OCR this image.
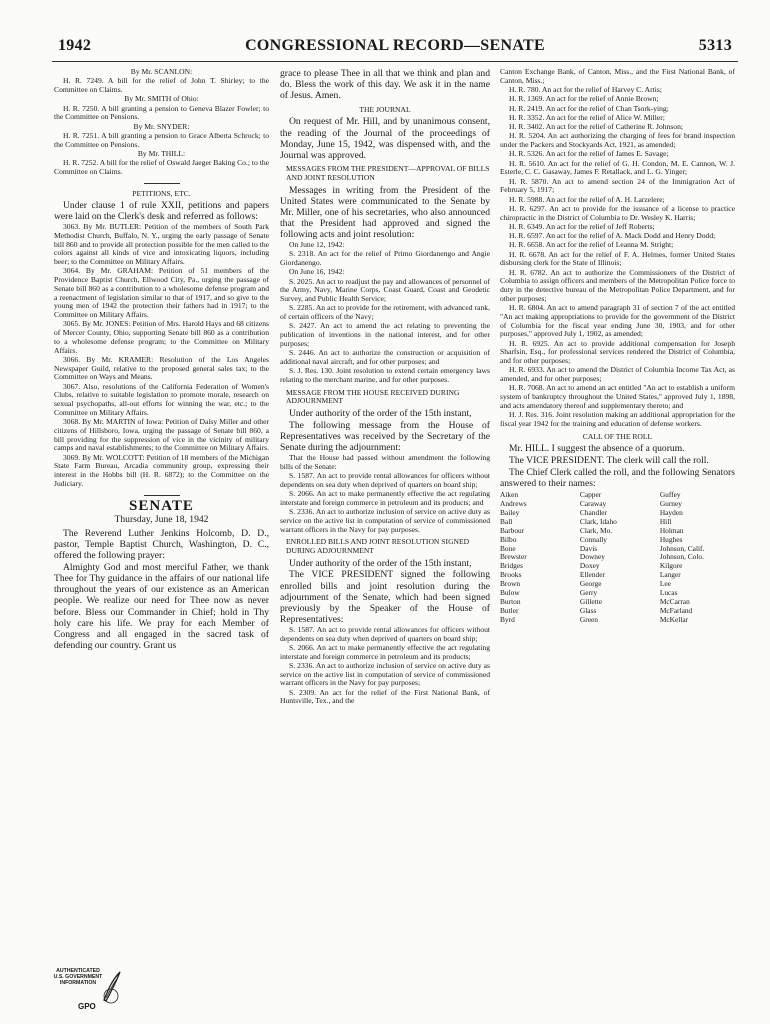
1942	CONGRESSIONAL RECORD—SENATE	5313

By Mr. SCANLON:

H. R. 7249. A bill for the relief of John T. Shirley; to the Committee on Claims.

By Mr. SMITH of Ohio:

H. R. 7250. A bill granting a pension to Geneva Blazer Fowler; to the Committee on Pensions.

By Mr. SNYDER:

H. R. 7251. A bill granting a pension to Grace Alberta Schrock; to the Committee on Pensions.

By Mr. THILL:

H. R. 7252. A bill for the relief of Oswald Jaeger Baking Co.; to the Committee on Claims.

PETITIONS, ETC.

Under clause 1 of rule XXII, petitions and papers were laid on the Clerk's desk and referred as follows:

3063. By Mr. BUTLER: Petition of the members of South Park Methodist Church, Buffalo, N. Y., urging the early passage of Senate bill 860 and to provide all protection possible for the men called to the colors against all kinds of vice and intoxicating liquors, including beer; to the Committee on Military Affairs.

3064. By Mr. GRAHAM: Petition of 51 members of the Providence Baptist Church, Ellwood City, Pa., urging the passage of Senate bill 860 as a contribution to a wholesome defense program and a reenactment of legislation similar to that of 1917, and so give to the young men of 1942 the protection their fathers had in 1917; to the Committee on Military Affairs.

3065. By Mr. JONES: Petition of Mrs. Harold Hays and 68 citizens of Mercer County, Ohio, supporting Senate bill 860 as a contribution to a wholesome defense program; to the Committee on Military Affairs.

3066. By Mr. KRAMER: Resolution of the Los Angeles Newspaper Guild, relative to the proposed general sales tax; to the Committee on Ways and Means.

3067. Also, resolutions of the California Federation of Women's Clubs, relative to suitable legislation to promote morale, research on sexual psychopaths, all-out efforts for winning the war, etc.; to the Committee on Military Affairs.

3068. By Mr. MARTIN of Iowa: Petition of Daisy Miller and other citizens of Hillsboro, Iowa, urging the passage of Senate bill 860, a bill providing for the suppression of vice in the vicinity of military camps and naval establishments; to the Committee on Military Affairs.

3069. By Mr. WOLCOTT: Petition of 18 members of the Michigan State Farm Bureau, Arcadia community group, expressing their interest in the Hobbs bill (H. R. 6872); to the Committee on the Judiciary.

SENATE

Thursday, June 18, 1942

The Reverend Luther Jenkins Holcomb, D. D., pastor, Temple Baptist Church, Washington, D. C., offered the following prayer:

Almighty God and most merciful Father, we thank Thee for Thy guidance in the affairs of our national life throughout the years of our existence as an American people. We realize our need for Thee now as never before. Bless our Commander in Chief; hold in Thy holy care his life. We pray for each Member of Congress and all engaged in the sacred task of defending our country. Grant us

grace to please Thee in all that we think and plan and do. Bless the work of this day. We ask it in the name of Jesus. Amen.

THE JOURNAL

On request of Mr. Hill, and by unanimous consent, the reading of the Journal of the proceedings of Monday, June 15, 1942, was dispensed with, and the Journal was approved.

MESSAGES FROM THE PRESIDENT—APPROVAL OF BILLS AND JOINT RESOLUTION

Messages in writing from the President of the United States were communicated to the Senate by Mr. Miller, one of his secretaries, who also announced that the President had approved and signed the following acts and joint resolution:

On June 12, 1942:

S. 2318. An act for the relief of Primo Giordanengo and Angie Giordanengo.

On June 16, 1942:

S. 2025. An act to readjust the pay and allowances of personnel of the Army, Navy, Marine Corps, Coast Guard, Coast and Geodetic Survey, and Public Health Service;

S. 2285. An act to provide for the retirement, with advanced rank, of certain officers of the Navy;

S. 2427. An act to amend the act relating to preventing the publication of inventions in the national interest, and for other purposes;

S. 2446. An act to authorize the construction or acquisition of additional naval aircraft, and for other purposes; and

S. J. Res. 130. Joint resolution to extend certain emergency laws relating to the merchant marine, and for other purposes.

MESSAGE FROM THE HOUSE RECEIVED DURING ADJOURNMENT

Under authority of the order of the 15th instant,

The following message from the House of Representatives was received by the Secretary of the Senate during the adjournment:

That the House had passed without amendment the following bills of the Senate:

S. 1587. An act to provide rental allowances for officers without dependents on sea duty when deprived of quarters on board ship;

S. 2066. An act to make permanently effective the act regulating interstate and foreign commerce in petroleum and its products; and

S. 2336. An act to authorize inclusion of service on active duty as service on the active list in computation of service of commissioned warrant officers in the Navy for pay purposes.

ENROLLED BILLS AND JOINT RESOLUTION SIGNED DURING ADJOURNMENT

Under authority of the order of the 15th instant,

The VICE PRESIDENT signed the following enrolled bills and joint resolution during the adjournment of the Senate, which had been signed previously by the Speaker of the House of Representatives:

S. 1587. An act to provide rental allowances for officers without dependents on sea duty when deprived of quarters on board ship;

S. 2066. An act to make permanently effective the act regulating interstate and foreign commerce in petroleum and its products;

S. 2336. An act to authorize inclusion of service on active duty as service on the active list in computation of service of commissioned warrant officers in the Navy for pay purposes;

S. 2309. An act for the relief of the First National Bank, of Huntsville, Tex., and the

Canton Exchange Bank, of Canton, Miss., and the First National Bank, of Canton, Miss.;

H. R. 780. An act for the relief of Harvey C. Artis;

H. R. 1369. An act for the relief of Annie Brown;

H. R. 2419. An act for the relief of Chan Tsork-ying;

H. R. 3352. An act for the relief of Alice W. Miller;

H. R. 3402. An act for the relief of Catherine R. Johnson;

H. R. 5204. An act authorizing the charging of fees for brand inspection under the Packers and Stockyards Act, 1921, as amended;

H. R. 5326. An act for the relief of James E. Savage;

H. R. 5610. An act for the relief of G. H. Condon, M. E. Cannon, W. J. Esterle, C. C. Gasaway, James F. Retallack, and L. G. Yinger;

H. R. 5870. An act to amend section 24 of the Immigration Act of February 5, 1917;

H. R. 5988. An act for the relief of A. H. Larzelere;

H. R. 6297. An act to provide for the issuance of a license to practice chiropractic in the District of Columbia to Dr. Wesley K. Harris;

H. R. 6349. An act for the relief of Jeff Roberts;

H. R. 6597. An act for the relief of A. Mack Dodd and Henry Dodd;

H. R. 6658. An act for the relief of Leanna M. Stright;

H. R. 6678. An act for the relief of F. A. Helmes, former United States disbursing clerk for the State of Illinois;

H. R. 6782. An act to authorize the Commissioners of the District of Columbia to assign officers and members of the Metropolitan Police force to duty in the detective bureau of the Metropolitan Police Department, and for other purposes;

H. R. 6804. An act to amend paragraph 31 of section 7 of the act entitled "An act making appropriations to provide for the government of the District of Columbia for the fiscal year ending June 30, 1903, and for other purposes," approved July 1, 1902, as amended;

H. R. 6925. An act to provide additional compensation for Joseph Sharfsin, Esq., for professional services rendered the District of Columbia, and for other purposes;

H. R. 6933. An act to amend the District of Columbia Income Tax Act, as amended, and for other purposes;

H. R. 7068. An act to amend an act entitled "An act to establish a uniform system of bankruptcy throughout the United States," approved July 1, 1898, and acts amendatory thereof and supplementary thereto; and

H. J. Res. 316. Joint resolution making an additional appropriation for the fiscal year 1942 for the training and education of defense workers.

CALL OF THE ROLL

Mr. HILL. I suggest the absence of a quorum.

The VICE PRESIDENT. The clerk will call the roll.

The Chief Clerk called the roll, and the following Senators answered to their names:

Aiken
Andrews
Bailey
Ball
Barbour
Bilbo
Bone
Brewster
Bridges
Brooks
Brown
Bulow
Burton
Butler
Byrd
Capper
Caraway
Chandler
Clark, Idaho
Clark, Mo.
Connally
Davis
Downey
Doxey
Ellender
George
Gerry
Gillette
Glass
Green
Guffey
Gurney
Hayden
Hill
Holman
Hughes
Johnson, Calif.
Johnson, Colo.
Kilgore
Langer
Lee
Lucas
McCarran
McFarland
McKellar
AUTHENTICATED U.S. GOVERNMENT INFORMATION
GPO
